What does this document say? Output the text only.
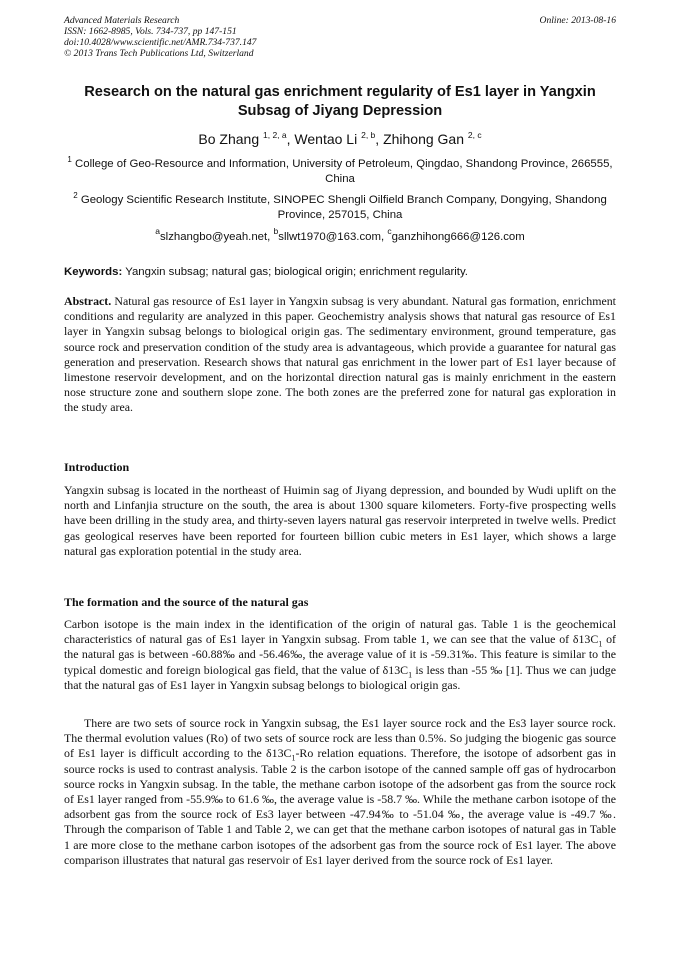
Advanced Materials Research
ISSN: 1662-8985, Vols. 734-737, pp 147-151
doi:10.4028/www.scientific.net/AMR.734-737.147
© 2013 Trans Tech Publications Ltd, Switzerland
Online: 2013-08-16
Research on the natural gas enrichment regularity of Es1 layer in Yangxin Subsag of Jiyang Depression
Bo Zhang $^{1, 2, a}$, Wentao Li $^{2, b}$, Zhihong Gan $^{2, c}$
$^1$ College of Geo-Resource and Information, University of Petroleum, Qingdao, Shandong Province, 266555, China
$^2$ Geology Scientific Research Institute, SINOPEC Shengli Oilfield Branch Company, Dongying, Shandong Province, 257015, China
$^a$slzhangbo@yeah.net, $^b$sllwt1970@163.com, $^c$ganzhihong666@126.com
Keywords: Yangxin subsag; natural gas; biological origin; enrichment regularity.
Abstract. Natural gas resource of Es1 layer in Yangxin subsag is very abundant. Natural gas formation, enrichment conditions and regularity are analyzed in this paper. Geochemistry analysis shows that natural gas resource of Es1 layer in Yangxin subsag belongs to biological origin gas. The sedimentary environment, ground temperature, gas source rock and preservation condition of the study area is advantageous, which provide a guarantee for natural gas generation and preservation. Research shows that natural gas enrichment in the lower part of Es1 layer because of limestone reservoir development, and on the horizontal direction natural gas is mainly enrichment in the eastern nose structure zone and southern slope zone. The both zones are the preferred zone for natural gas exploration in the study area.
Introduction
Yangxin subsag is located in the northeast of Huimin sag of Jiyang depression, and bounded by Wudi uplift on the north and Linfanjia structure on the south, the area is about 1300 square kilometers. Forty-five prospecting wells have been drilling in the study area, and thirty-seven layers natural gas reservoir interpreted in twelve wells. Predict gas geological reserves have been reported for fourteen billion cubic meters in Es1 layer, which shows a large natural gas exploration potential in the study area.
The formation and the source of the natural gas
Carbon isotope is the main index in the identification of the origin of natural gas. Table 1 is the geochemical characteristics of natural gas of Es1 layer in Yangxin subsag. From table 1, we can see that the value of $\delta 13C_1$ of the natural gas is between -60.88‰ and -56.46‰, the average value of it is -59.31‰. This feature is similar to the typical domestic and foreign biological gas field, that the value of $\delta 13C_1$ is less than -55 ‰ [1]. Thus we can judge that the natural gas of Es1 layer in Yangxin subsag belongs to biological origin gas.
There are two sets of source rock in Yangxin subsag, the Es1 layer source rock and the Es3 layer source rock. The thermal evolution values (Ro) of two sets of source rock are less than 0.5%. So judging the biogenic gas source of Es1 layer is difficult according to the $\delta 13C_1-Ro$ relation equations. Therefore, the isotope of adsorbent gas in source rocks is used to contrast analysis. Table 2 is the carbon isotope of the canned sample off gas of hydrocarbon source rocks in Yangxin subsag. In the table, the methane carbon isotope of the adsorbent gas from the source rock of Es1 layer ranged from -55.9‰ to 61.6 ‰, the average value is -58.7 ‰. While the methane carbon isotope of the adsorbent gas from the source rock of Es3 layer between -47.94‰ to -51.04 ‰, the average value is -49.7 ‰. Through the comparison of Table 1 and Table 2, we can get that the methane carbon isotopes of natural gas in Table 1 are more close to the methane carbon isotopes of the adsorbent gas from the source rock of Es1 layer. The above comparison illustrates that natural gas reservoir of Es1 layer derived from the source rock of Es1 layer.
